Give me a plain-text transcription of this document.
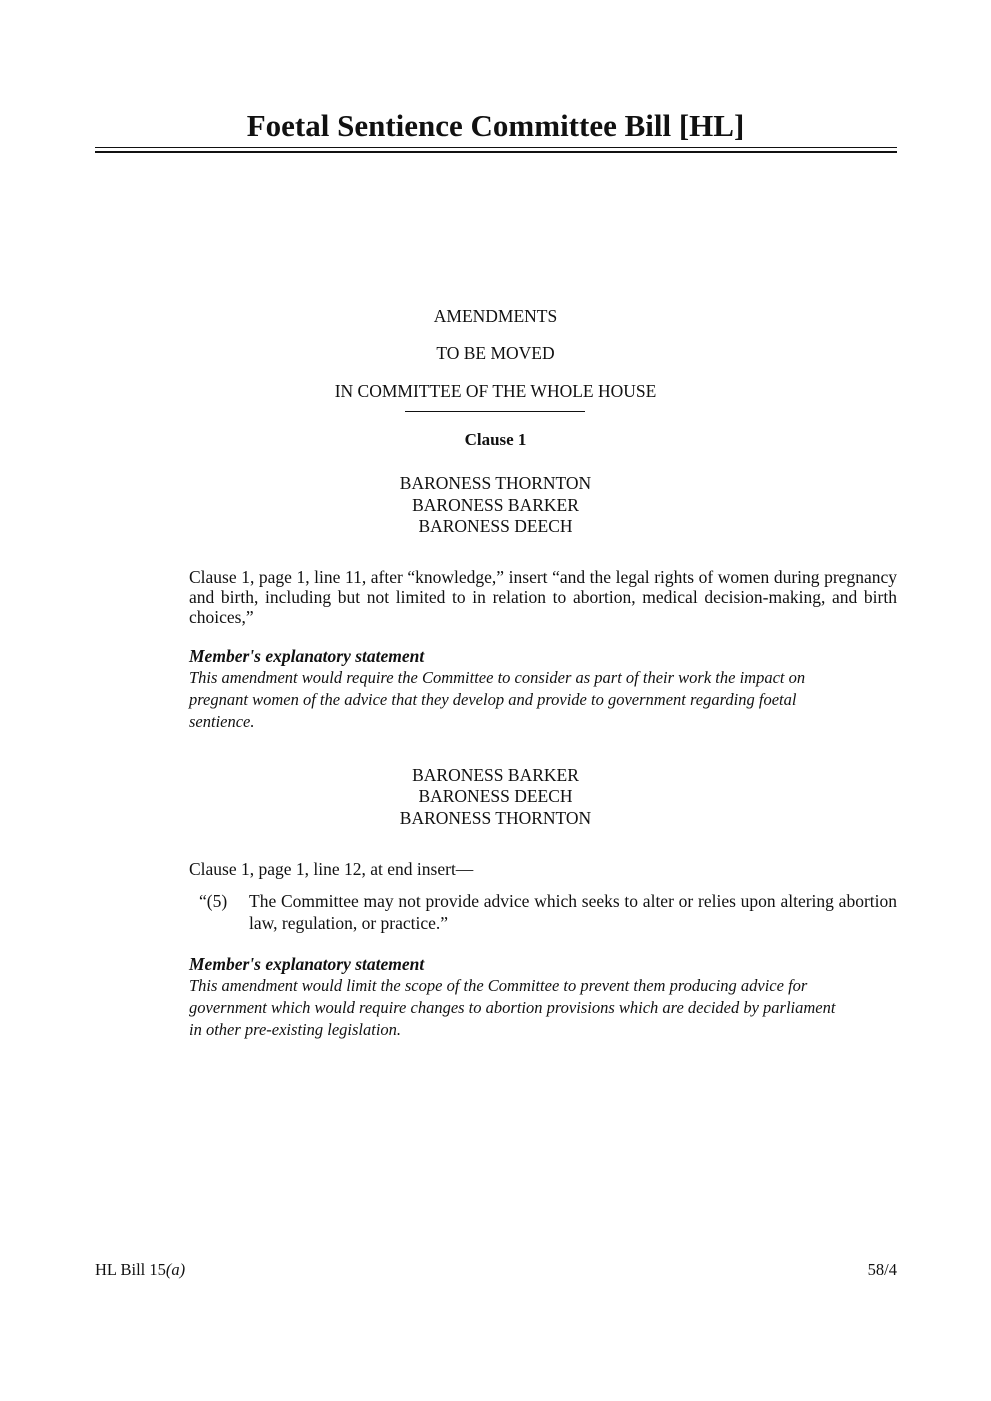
Foetal Sentience Committee Bill [HL]
AMENDMENTS
TO BE MOVED
IN COMMITTEE OF THE WHOLE HOUSE
Clause 1
BARONESS THORNTON
BARONESS BARKER
BARONESS DEECH
Clause 1, page 1, line 11, after “knowledge,” insert “and the legal rights of women during pregnancy and birth, including but not limited to in relation to abortion, medical decision-making, and birth choices,”
Member's explanatory statement
This amendment would require the Committee to consider as part of their work the impact on
pregnant women of the advice that they develop and provide to government regarding foetal
sentience.
BARONESS BARKER
BARONESS DEECH
BARONESS THORNTON
Clause 1, page 1, line 12, at end insert—
“(5) The Committee may not provide advice which seeks to alter or relies upon altering abortion law, regulation, or practice.”
Member's explanatory statement
This amendment would limit the scope of the Committee to prevent them producing advice for
government which would require changes to abortion provisions which are decided by parliament
in other pre-existing legislation.
HL Bill 15(a)	58/4
